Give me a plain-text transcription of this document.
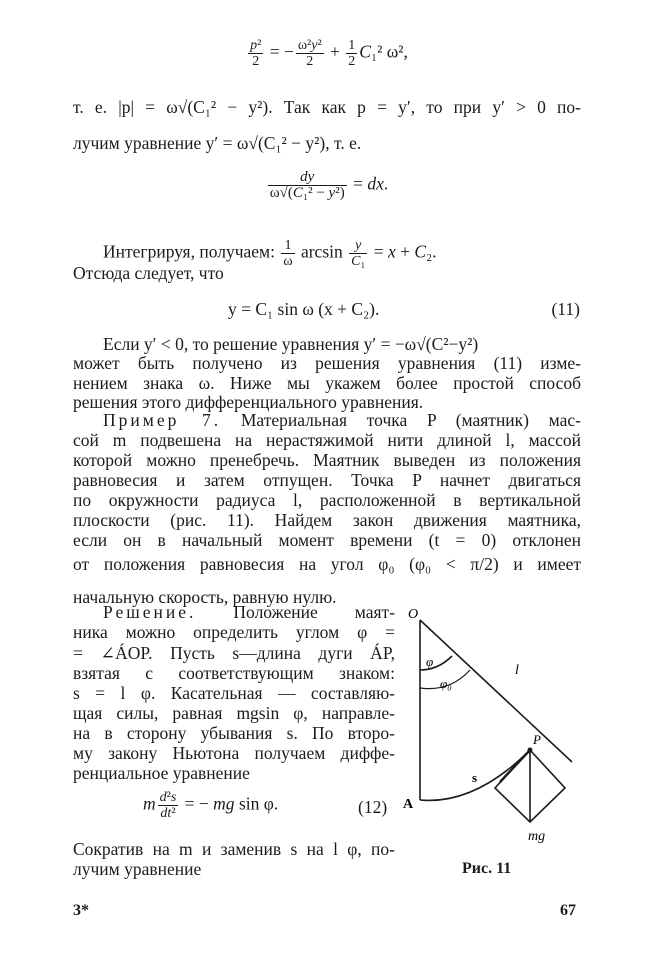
$\frac{\text{p²}}{2}$ = − $\frac{\text{ω²y²}}{2} + \frac{1}{2} C_1^2$ ω²,
т. е. |p| = ω√(C₁² − y²). Так как p = y′, то при y′ > 0 по-
лучим уравнение y′ = ω√(C₁² − y²), т. е.
$\frac{dy}{\text{ω√(C₁² − y²)}}$ = dx.
Интегрируя, получаем: $\frac{1}{\omega}$ $\arcsin \frac{y}{\text{C₁}} = x + C_2$.
Отсюда следует, что
y = C₁ sin ω (x + C₂).	(11)
Если y′ < 0, то решение уравнения y′ = −ω√(C²−y²)
может быть получено из решения уравнения (11) изме-
нением знака ω. Ниже мы укажем более простой способ
решения этого дифференциального уравнения.
Пример 7. Материальная точка P (маятник) мас-
сой m подвешена на нерастяжимой нити длиной l, массой
которой можно пренебречь. Маятник выведен из положения
равновесия и затем отпущен. Точка P начнет двигаться
по окружности радиуса l, расположенной в вертикальной
плоскости (рис. 11). Найдем закон движения маятника,
если он в начальный момент времени (t = 0) отклонен
от положения равновесия на угол φ₀ (φ₀ < π/2) и имеет
начальную скорость, равную нулю.
Решение. Положение маят-
ника можно определить углом φ =
= ∠ÁOP. Пусть s—длина дуги ÁP,
взятая с соответствующим знаком:
s = l φ. Касательная — составляю-
щая силы, равная mgsin φ, направле-
на в сторону убывания s. По второ-
му закону Ньютона получаем диффе-
ренциальное уравнение
m $\frac{\text{d²s}}{\text{dt²}}$ = − mg sin φ.	(12)
Сократив на m и заменив s на l φ, по-
лучим уравнение
O
A
P
l
φ
φ₀
s
mg
Рис. 11
3*	67
